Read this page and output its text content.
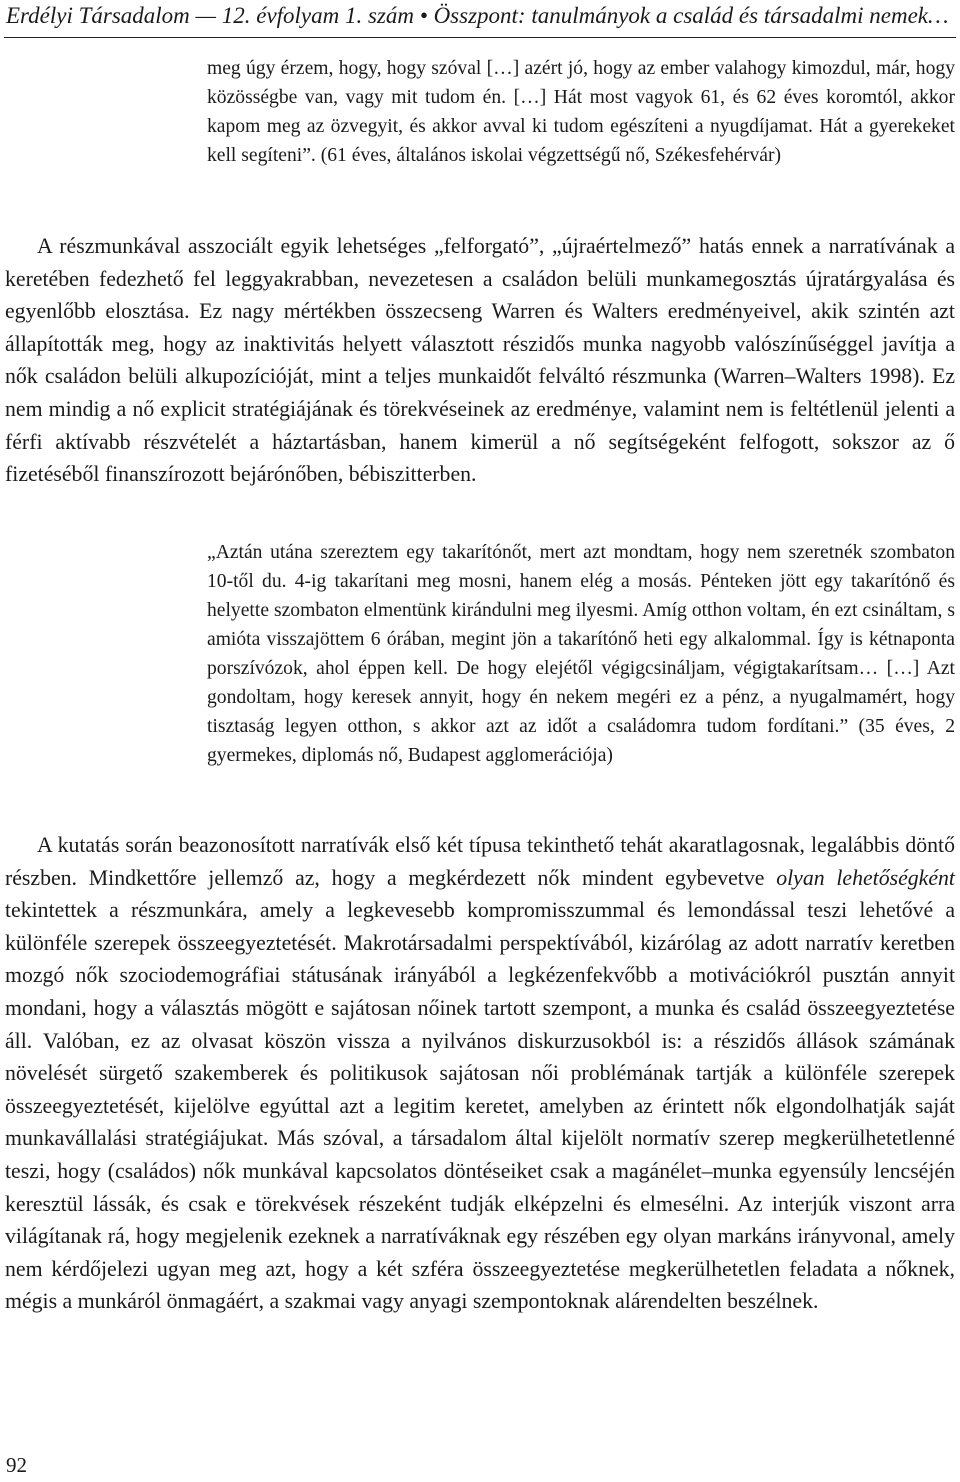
Erdélyi Társadalom — 12. évfolyam 1. szám • Összpont: tanulmányok a család és társadalmi nemek…
meg úgy érzem, hogy, hogy szóval […] azért jó, hogy az ember valahogy kimozdul, már, hogy közösségbe van, vagy mit tudom én. […] Hát most vagyok 61, és 62 éves koromtól, akkor kapom meg az özvegyit, és akkor avval ki tudom egészíteni a nyugdíjamat. Hát a gyerekeket kell segíteni”. (61 éves, általános iskolai végzettségű nő, Székesfehérvár)
A részmunkával asszociált egyik lehetséges „felforgató”, „újraértelmező” hatás ennek a narratívának a keretében fedezhető fel leggyakrabban, nevezetesen a családon belüli munkamegosztás újratárgyalása és egyenlőbb elosztása. Ez nagy mértékben összecseng Warren és Walters eredményeivel, akik szintén azt állapították meg, hogy az inaktivitás helyett választott részidős munka nagyobb valószínűséggel javítja a nők családon belüli alkupozícióját, mint a teljes munkaidőt felváltó részmunka (Warren–Walters 1998). Ez nem mindig a nő explicit stratégiájának és törekvéseinek az eredménye, valamint nem is feltétlenül jelenti a férfi aktívabb részvételét a háztartásban, hanem kimerül a nő segítségeként felfogott, sokszor az ő fizetéséből finanszírozott bejárónőben, bébiszitterben.
„Aztán utána szereztem egy takarítónőt, mert azt mondtam, hogy nem szeretnék szombaton 10-től du. 4-ig takarítani meg mosni, hanem elég a mosás. Pénteken jött egy takarítónő és helyette szombaton elmentünk kirándulni meg ilyesmi. Amíg otthon voltam, én ezt csináltam, s amióta visszajöttem 6 órában, megint jön a takarítónő heti egy alkalommal. Így is kétnaponta porszívózok, ahol éppen kell. De hogy elejétől végigcsináljam, végigtakarítsam… […] Azt gondoltam, hogy keresek annyit, hogy én nekem megéri ez a pénz, a nyugalmamért, hogy tisztaság legyen otthon, s akkor azt az időt a családomra tudom fordítani.” (35 éves, 2 gyermekes, diplomás nő, Budapest agglomerációja)
A kutatás során beazonosított narratívák első két típusa tekinthető tehát akaratlagosnak, legalábbis döntő részben. Mindkettőre jellemző az, hogy a megkérdezett nők mindent egybevetve olyan lehetőségként tekintettek a részmunkára, amely a legkevesebb kompromisszummal és lemondással teszi lehetővé a különféle szerepek összeegyeztetését. Makrotársadalmi perspektívából, kizárólag az adott narratív keretben mozgó nők szociodemográfiai státusának irányából a legkézenfekvőbb a motivációkról pusztán annyit mondani, hogy a választás mögött e sajátosan nőinek tartott szempont, a munka és család összeegyeztetése áll. Valóban, ez az olvasat köszön vissza a nyilvános diskurzusokból is: a részidős állások számának növelését sürgető szakemberek és politikusok sajátosan női problémának tartják a különféle szerepek összeegyeztetését, kijelölve egyúttal azt a legitim keretet, amelyben az érintett nők elgondolhatják saját munkavállalási stratégiájukat. Más szóval, a társadalom által kijelölt normatív szerep megkerülhetetlenné teszi, hogy (családos) nők munkával kapcsolatos döntéseiket csak a magánélet–munka egyensúly lencséjén keresztül lássák, és csak e törekvések részeként tudják elképzelni és elmesélni. Az interjúk viszont arra világítanak rá, hogy megjelenik ezeknek a narratíváknak egy részében egy olyan markáns irányvonal, amely nem kérdőjelezi ugyan meg azt, hogy a két szféra összeegyeztetése megkerülhetetlen feladata a nőknek, mégis a munkáról önmagáért, a szakmai vagy anyagi szempontoknak alárendelten beszélnek.
92
